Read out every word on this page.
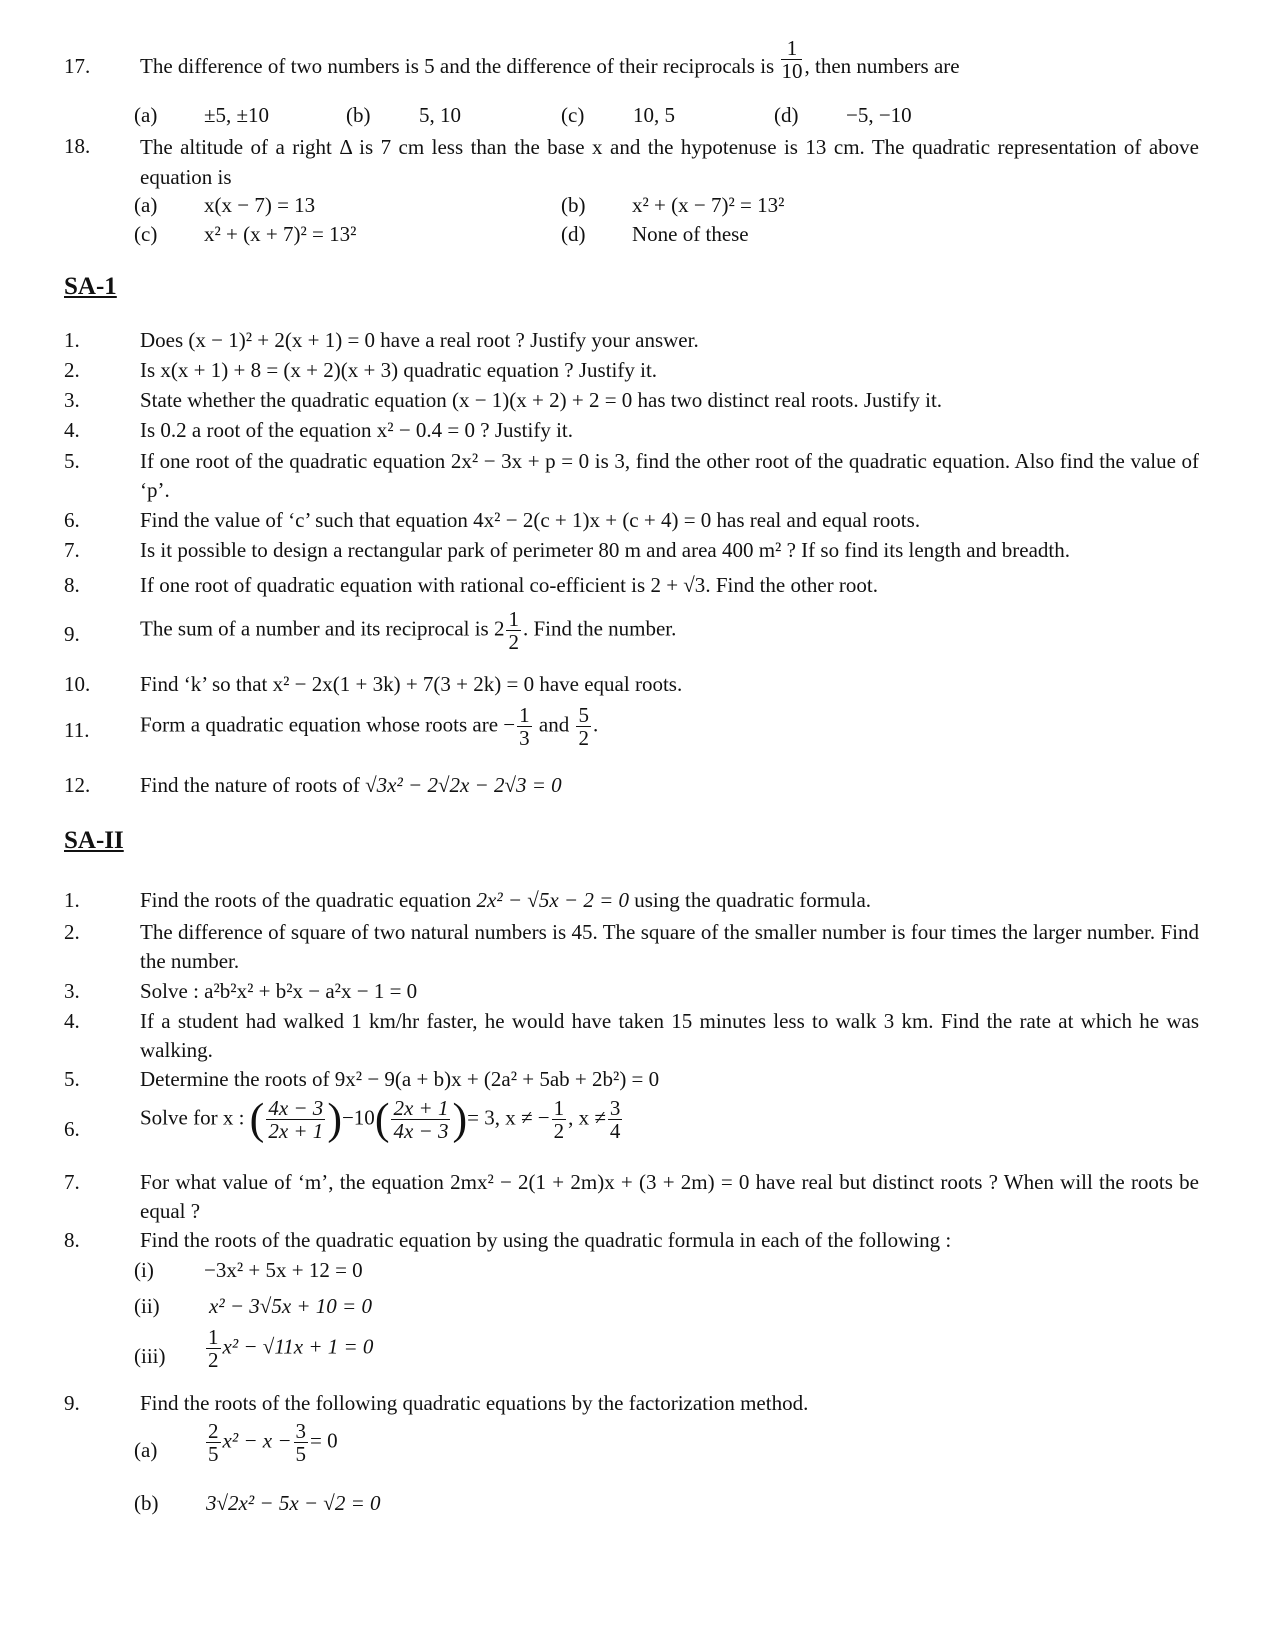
17. The difference of two numbers is 5 and the difference of their reciprocals is $\frac{1}{10}$ , then numbers are
(a) ±5, ±10	(b) 5, 10	(c) 10, 5	(d) −5, −10
18. The altitude of a right Δ is 7 cm less than the base x and the hypotenuse is 13 cm. The quadratic representation of above equation is
(a) x(x − 7) = 13	(b) x² + (x − 7)² = 13²
(c) x² + (x + 7)² = 13²	(d) None of these
SA-1
1.	Does (x − 1)² + 2(x + 1) = 0 have a real root ? Justify your answer.
2.	Is x(x + 1) + 8 = (x + 2)(x + 3) quadratic equation ? Justify it.
3.	State whether the quadratic equation (x − 1)(x + 2) + 2 = 0 has two distinct real roots. Justify it.
4.	Is 0.2 a root of the equation x² − 0.4 = 0 ? Justify it.
5.	If one root of the quadratic equation 2x² − 3x + p = 0 is 3, find the other root of the quadratic equation. Also find the value of ‘p’.
6.	Find the value of ‘c’ such that equation 4x² − 2(c + 1)x + (c + 4) = 0 has real and equal roots.
7.	Is it possible to design a rectangular park of perimeter 80 m and area 400 m² ? If so find its length and breadth.
8.	If one root of quadratic equation with rational co-efficient is 2 + √3. Find the other root.
9.	The sum of a number and its reciprocal is $2 \frac{1}{2}$ . Find the number.
10. Find ‘k’ so that x² − 2x(1 + 3k) + 7(3 + 2k) = 0 have equal roots.
11. Form a quadratic equation whose roots are − $\frac{1}{3}$ and $\frac{5}{2}$ .
12. Find the nature of roots of √3x² − 2√2x − 2√3 = 0
SA-II
1.	Find the roots of the quadratic equation 2x² − √5x − 2 = 0 using the quadratic formula.
2.	The difference of square of two natural numbers is 45. The square of the smaller number is four times the larger number. Find the number.
3.	Solve : a²b²x² + b²x − a²x − 1 = 0
4.	If a student had walked 1 km/hr faster, he would have taken 15 minutes less to walk 3 km. Find the rate at which he was walking.
5.	Determine the roots of 9x² − 9(a + b)x + (2a² + 5ab + 2b²) = 0
6.	Solve for x : ( $\frac{4x - 3}{2x + 1} )-10( \frac{2x + 1}{4x - 3}$ )= 3, x ≠ − $\frac{1}{2}$ , $x \ne \frac{3}{4}$
7.	For what value of ‘m’, the equation 2mx² − 2(1 + 2m)x + (3 + 2m) = 0 have real but distinct roots ? When will the roots be equal ?
8.	Find the roots of the quadratic equation by using the quadratic formula in each of the following :
(i) −3x² + 5x + 12 = 0
(ii) x² − 3√5x + 10 = 0
$(iii) \frac{1}{2} x^2 - √11x + 1 = 0$
9.	Find the roots of the following quadratic equations by the factorization method.
$(a) \frac{2}{5} x^2 - x - \frac{3}{5} = 0$
(b) 3√2x² − 5x − √2 = 0
